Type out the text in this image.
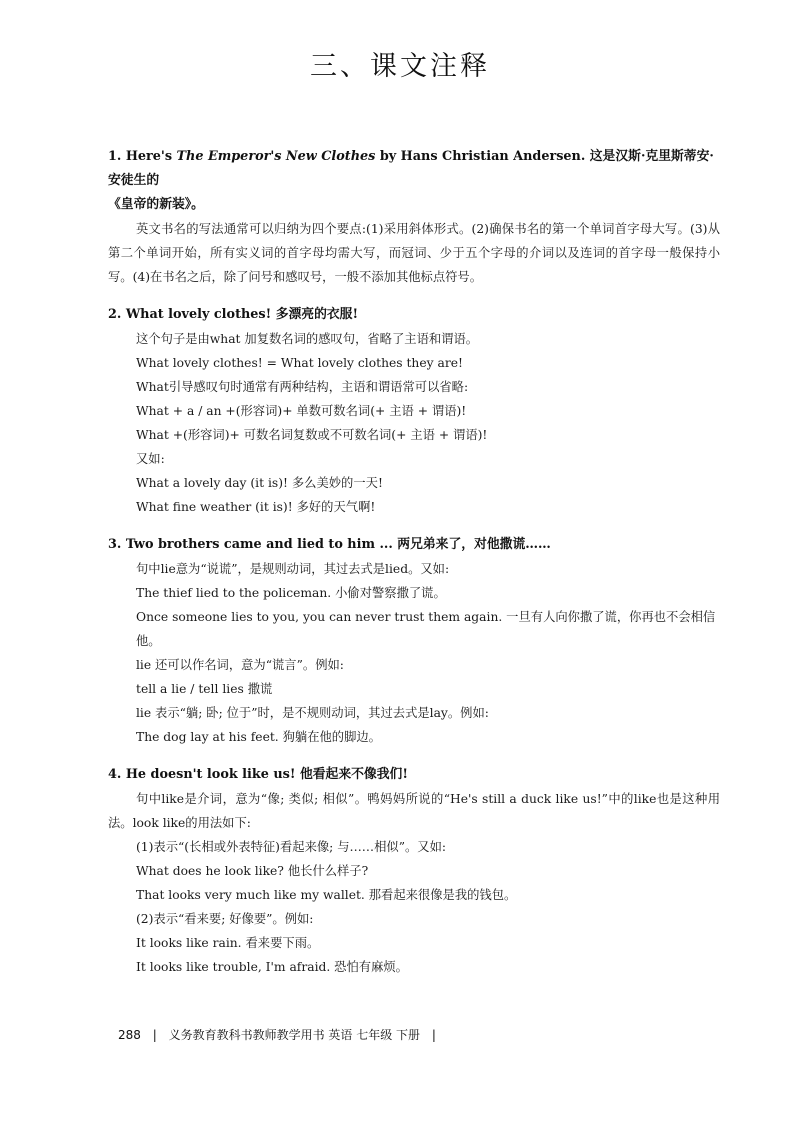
三、课文注释
1. Here's The Emperor's New Clothes by Hans Christian Andersen. 这是汉斯·克里斯蒂安·安徒生的
《皇帝的新装》。
英文书名的写法通常可以归纳为四个要点:(1)采用斜体形式。(2)确保书名的第一个单词首字母大写。(3)从第二个单词开始，所有实义词的首字母均需大写，而冠词、少于五个字母的介词以及连词的首字母一般保持小写。(4)在书名之后，除了问号和感叹号，一般不添加其他标点符号。
2. What lovely clothes! 多漂亮的衣服!
这个句子是由what 加复数名词的感叹句，省略了主语和谓语。
What lovely clothes! = What lovely clothes they are!
What引导感叹句时通常有两种结构，主语和谓语常可以省略:
What + a / an +(形容词)+ 单数可数名词(+ 主语 + 谓语)!
What +(形容词)+ 可数名词复数或不可数名词(+ 主语 + 谓语)!
又如:
What a lovely day (it is)! 多么美妙的一天!
What fine weather (it is)! 多好的天气啊!
3. Two brothers came and lied to him ... 两兄弟来了，对他撒谎……
句中lie意为“说谎”，是规则动词，其过去式是lied。又如:
The thief lied to the policeman. 小偷对警察撒了谎。
Once someone lies to you, you can never trust them again. 一旦有人向你撒了谎，你再也不会相信他。
lie 还可以作名词，意为“谎言”。例如:
tell a lie / tell lies 撒谎
lie 表示“躺; 卧; 位于”时，是不规则动词，其过去式是lay。例如:
The dog lay at his feet. 狗躺在他的脚边。
4. He doesn't look like us! 他看起来不像我们!
句中like是介词，意为“像; 类似; 相似”。鸭妈妈所说的“He's still a duck like us!”中的like也是这种用法。look like的用法如下:
(1)表示“(长相或外表特征)看起来像; 与……相似”。又如:
What does he look like? 他长什么样子?
That looks very much like my wallet. 那看起来很像是我的钱包。
(2)表示“看来要; 好像要”。例如:
It looks like rain. 看来要下雨。
It looks like trouble, I'm afraid. 恐怕有麻烦。
288 | 义务教育教科书教师教学用书 英语 七年级 下册 |
